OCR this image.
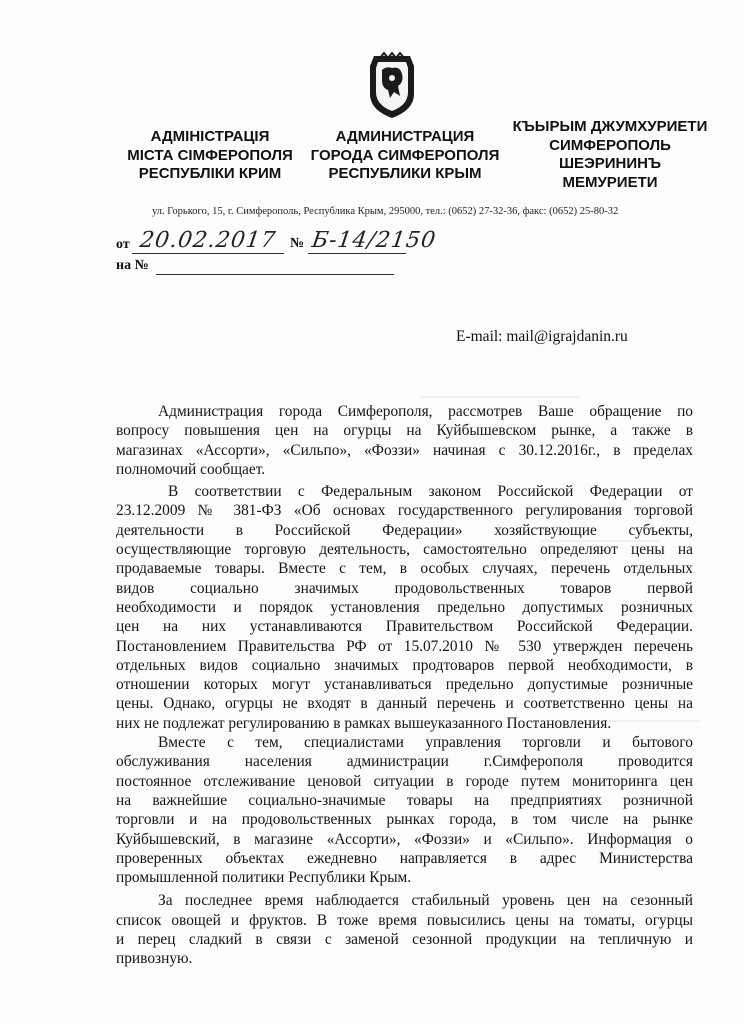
АДМІНІСТРАЦІЯ
МІСТА СІМФЕРОПОЛЯ
РЕСПУБЛІКИ КРИМ
АДМИНИСТРАЦИЯ
ГОРОДА СИМФЕРОПОЛЯ
РЕСПУБЛИКИ КРЫМ
КЪЫРЫМ ДЖУМХУРИЕТИ
СИМФЕРОПОЛЬ
ШЕЭРИНИНЪ
МЕМУРИЕТИ
ул. Горького, 15, г. Симферополь, Республика Крым, 295000, тел.: (0652) 27-32-36, факс: (0652) 25-80-32
от 20.02.2017 № Б-14/2150
на №
E-mail: mail@igrajdanin.ru
Администрация города Симферополя, рассмотрев Ваше обращение по
вопросу повышения цен на огурцы на Куйбышевском рынке, а также в
магазинах «Ассорти», «Сильпо», «Фоззи» начиная с 30.12.2016г., в пределах
полномочий сообщает.
В соответствии с Федеральным законом Российской Федерации от
23.12.2009 № 381-ФЗ «Об основах государственного регулирования торговой
деятельности в Российской Федерации» хозяйствующие субъекты,
осуществляющие торговую деятельность, самостоятельно определяют цены на
продаваемые товары. Вместе с тем, в особых случаях, перечень отдельных
видов социально значимых продовольственных товаров первой
необходимости и порядок установления предельно допустимых розничных
цен на них устанавливаются Правительством Российской Федерации.
Постановлением Правительства РФ от 15.07.2010 № 530 утвержден перечень
отдельных видов социально значимых продтоваров первой необходимости, в
отношении которых могут устанавливаться предельно допустимые розничные
цены. Однако, огурцы не входят в данный перечень и соответственно цены на
них не подлежат регулированию в рамках вышеуказанного Постановления.
Вместе с тем, специалистами управления торговли и бытового
обслуживания населения администрации г.Симферополя проводится
постоянное отслеживание ценовой ситуации в городе путем мониторинга цен
на важнейшие социально-значимые товары на предприятиях розничной
торговли и на продовольственных рынках города, в том числе на рынке
Куйбышевский, в магазине «Ассорти», «Фоззи» и «Сильпо». Информация о
проверенных объектах ежедневно направляется в адрес Министерства
промышленной политики Республики Крым.
За последнее время наблюдается стабильный уровень цен на сезонный
список овощей и фруктов. В тоже время повысились цены на томаты, огурцы
и перец сладкий в связи с заменой сезонной продукции на тепличную и
привозную.
